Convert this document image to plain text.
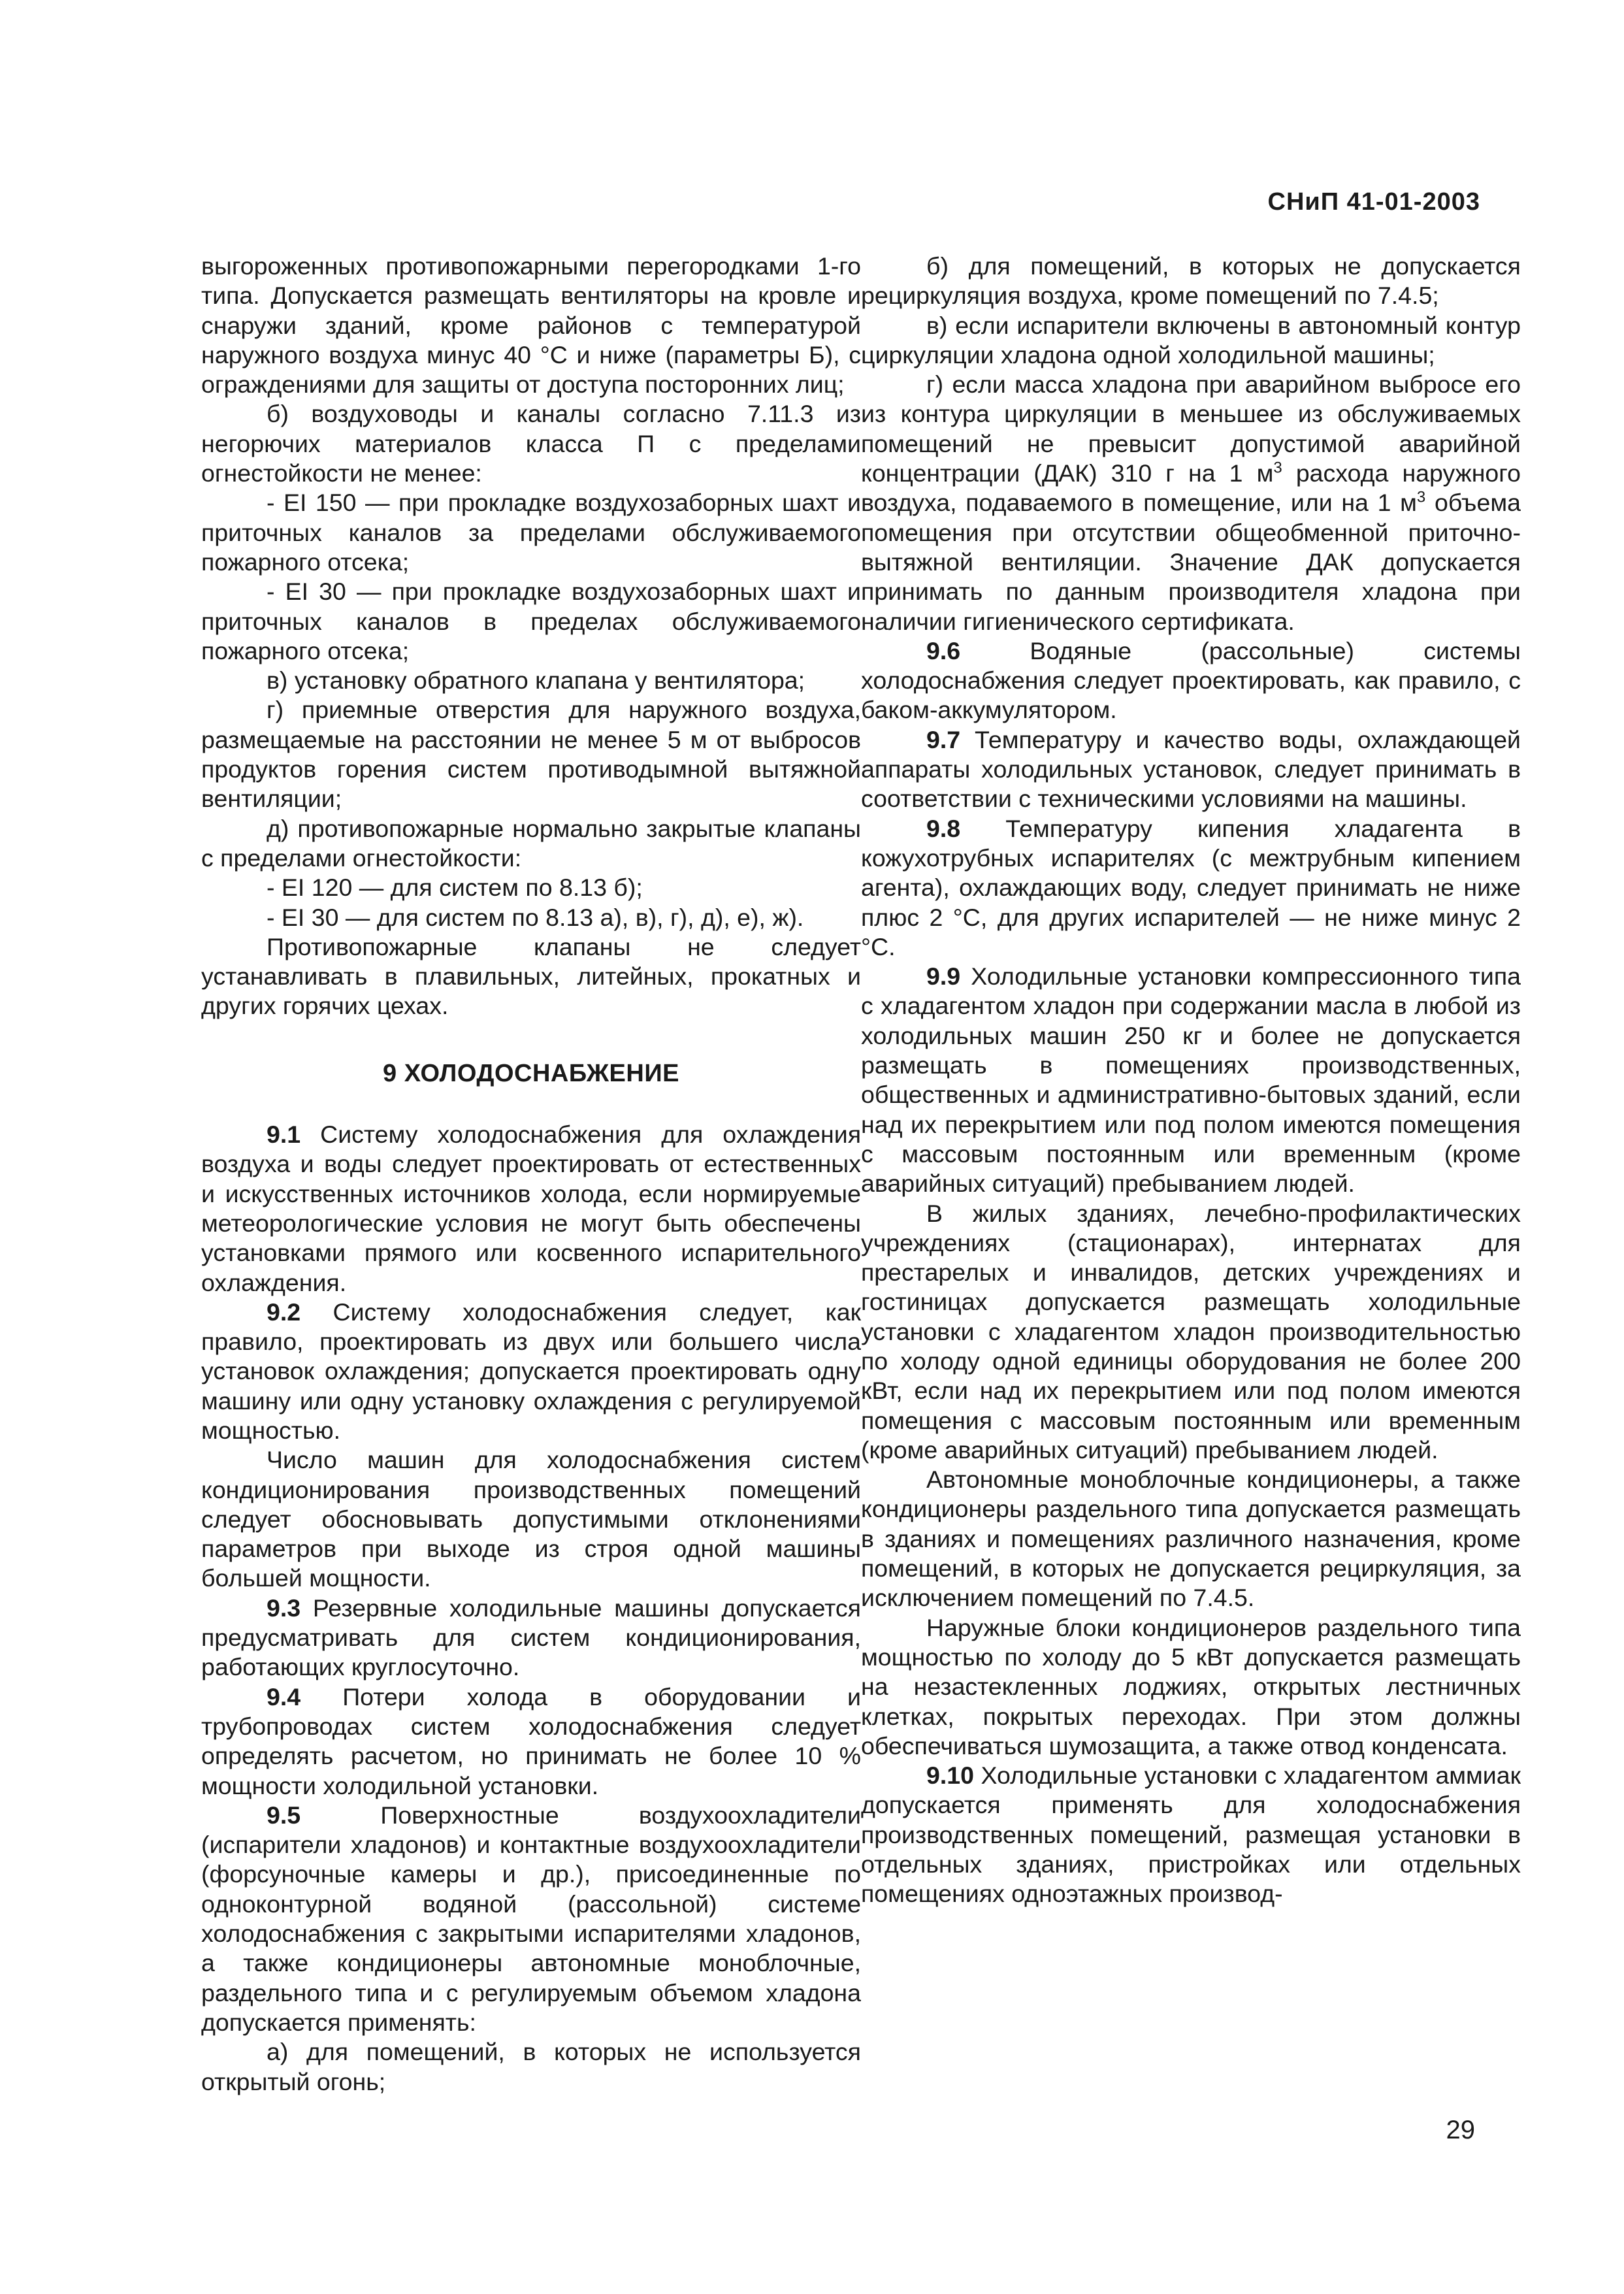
СНиП 41-01-2003

выгороженных противопожарными перегородками 1-го типа. Допускается размещать вентиляторы на кровле и снаружи зданий, кроме районов с температурой наружного воздуха минус 40 °С и ниже (параметры Б), с ограждениями для защиты от доступа посторонних лиц;

б) воздуховоды и каналы согласно 7.11.3 из негорючих материалов класса П с пределами огнестойкости не менее:

- EI 150 — при прокладке воздухозаборных шахт и приточных каналов за пределами обслуживаемого пожарного отсека;

- EI 30 — при прокладке воздухозаборных шахт и приточных каналов в пределах обслуживаемого пожарного отсека;

в) установку обратного клапана у вентилятора;

г) приемные отверстия для наружного воздуха, размещаемые на расстоянии не менее 5 м от выбросов продуктов горения систем противодымной вытяжной вентиляции;

д) противопожарные нормально закрытые клапаны с пределами огнестойкости:

- EI 120 — для систем по 8.13 б);

- EI 30 — для систем по 8.13 а), в), г), д), е), ж).

Противопожарные клапаны не следует устанавливать в плавильных, литейных, прокатных и других горячих цехах.

9 ХОЛОДОСНАБЖЕНИЕ

9.1 Систему холодоснабжения для охлаждения воздуха и воды следует проектировать от естественных и искусственных источников холода, если нормируемые метеорологические условия не могут быть обеспечены установками прямого или косвенного испарительного охлаждения.

9.2 Систему холодоснабжения следует, как правило, проектировать из двух или большего числа установок охлаждения; допускается проектировать одну машину или одну установку охлаждения с регулируемой мощностью.

Число машин для холодоснабжения систем кондиционирования производственных помещений следует обосновывать допустимыми отклонениями параметров при выходе из строя одной машины большей мощности.

9.3 Резервные холодильные машины допускается предусматривать для систем кондиционирования, работающих круглосуточно.

9.4 Потери холода в оборудовании и трубопроводах систем холодоснабжения следует определять расчетом, но принимать не более 10 % мощности холодильной установки.

9.5 Поверхностные воздухоохладители (испарители хладонов) и контактные воздухоохладители (форсуночные камеры и др.), присоединенные по одноконтурной водяной (рассольной) системе холодоснабжения с закрытыми испарителями хладонов, а также кондиционеры автономные моноблочные, раздельного типа и с регулируемым объемом хладона допускается применять:

а) для помещений, в которых не используется открытый огонь;

б) для помещений, в которых не допускается рециркуляция воздуха, кроме помещений по 7.4.5;

в) если испарители включены в автономный контур циркуляции хладона одной холодильной машины;

г) если масса хладона при аварийном выбросе его из контура циркуляции в меньшее из обслуживаемых помещений не превысит допустимой аварийной концентрации (ДАК) 310 г на 1 $м^3$ расхода наружного воздуха, подаваемого в помещение, или на 1 $м^3$ объема помещения при отсутствии общеобменной приточно-вытяжной вентиляции. Значение ДАК допускается принимать по данным производителя хладона при наличии гигиенического сертификата.

9.6 Водяные (рассольные) системы холодоснабжения следует проектировать, как правило, с баком-аккумулятором.

9.7 Температуру и качество воды, охлаждающей аппараты холодильных установок, следует принимать в соответствии с техническими условиями на машины.

9.8 Температуру кипения хладагента в кожухотрубных испарителях (с межтрубным кипением агента), охлаждающих воду, следует принимать не ниже плюс 2 °С, для других испарителей — не ниже минус 2 °С.

9.9 Холодильные установки компрессионного типа с хладагентом хладон при содержании масла в любой из холодильных машин 250 кг и более не допускается размещать в помещениях производственных, общественных и административно-бытовых зданий, если над их перекрытием или под полом имеются помещения с массовым постоянным или временным (кроме аварийных ситуаций) пребыванием людей.

В жилых зданиях, лечебно-профилактических учреждениях (стационарах), интернатах для престарелых и инвалидов, детских учреждениях и гостиницах допускается размещать холодильные установки с хладагентом хладон производительностью по холоду одной единицы оборудования не более 200 кВт, если над их перекрытием или под полом имеются помещения с массовым постоянным или временным (кроме аварийных ситуаций) пребыванием людей.

Автономные моноблочные кондиционеры, а также кондиционеры раздельного типа допускается размещать в зданиях и помещениях различного назначения, кроме помещений, в которых не допускается рециркуляция, за исключением помещений по 7.4.5.

Наружные блоки кондиционеров раздельного типа мощностью по холоду до 5 кВт допускается размещать на незастекленных лоджиях, открытых лестничных клетках, покрытых переходах. При этом должны обеспечиваться шумозащита, а также отвод конденсата.

9.10 Холодильные установки с хладагентом аммиак допускается применять для холодоснабжения производственных помещений, размещая установки в отдельных зданиях, пристройках или отдельных помещениях одноэтажных производ-

29
